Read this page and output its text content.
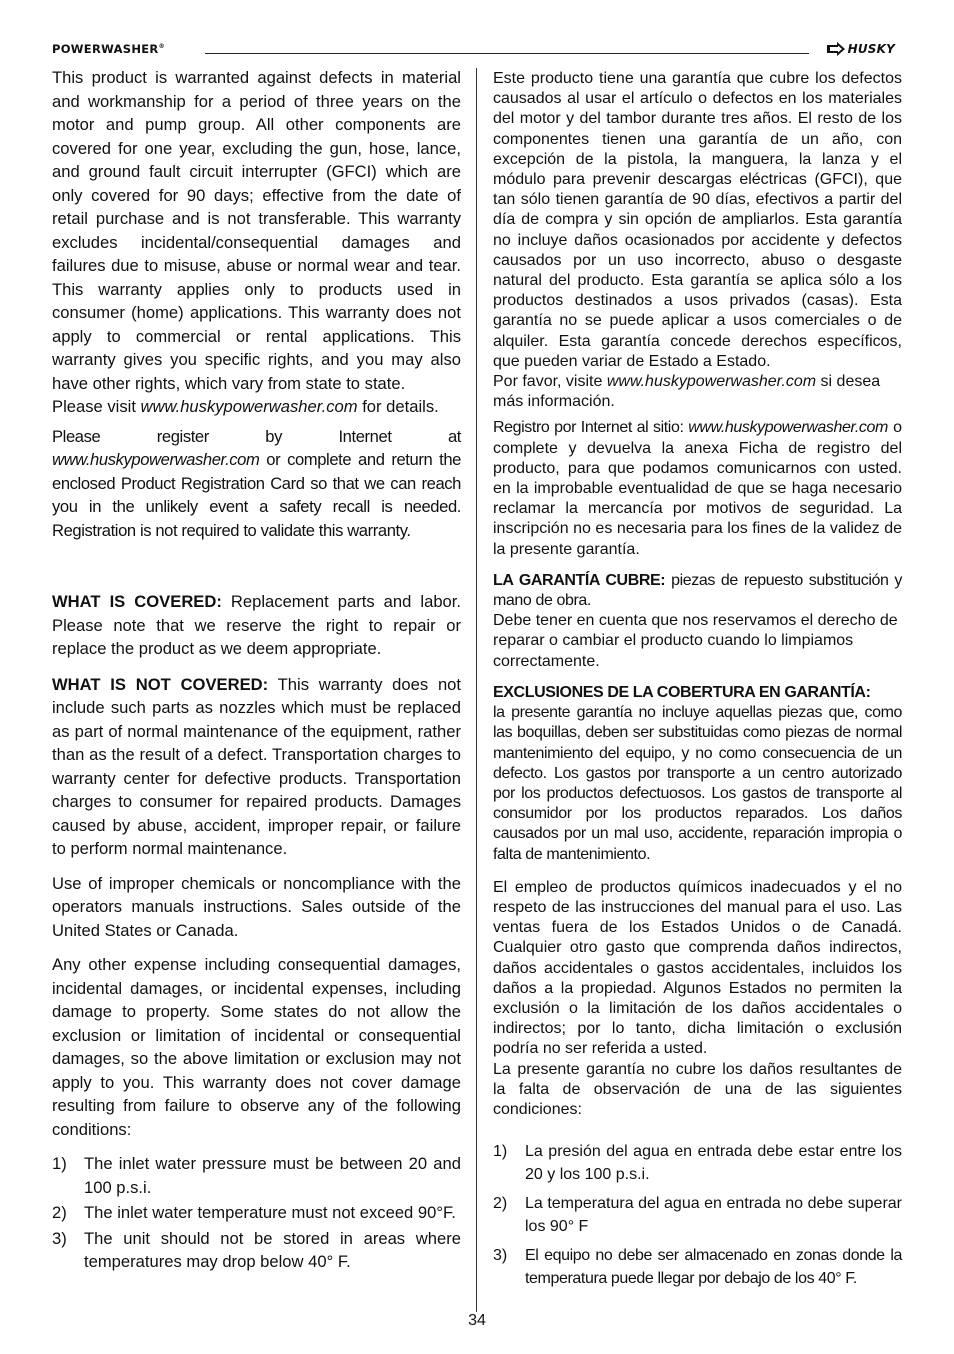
POWERWASHER®	HUSKY

This product is warranted against defects in material and workmanship for a period of three years on the motor and pump group. All other components are covered for one year, excluding the gun, hose, lance, and ground fault circuit interrupter (GFCI) which are only covered for 90 days; effective from the date of retail purchase and is not transferable. This warranty excludes incidental/consequential damages and failures due to misuse, abuse or normal wear and tear. This warranty applies only to products used in consumer (home) applications. This warranty does not apply to commercial or rental applications. This warranty gives you specific rights, and you may also have other rights, which vary from state to state.

Please visit www.huskypowerwasher.com for details.

Please register by Internet at www.huskypowerwasher.com or complete and return the enclosed Product Registration Card so that we can reach you in the unlikely event a safety recall is needed. Registration is not required to validate this warranty.

WHAT IS COVERED: Replacement parts and labor. Please note that we reserve the right to repair or replace the product as we deem appropriate.

WHAT IS NOT COVERED: This warranty does not include such parts as nozzles which must be replaced as part of normal maintenance of the equipment, rather than as the result of a defect. Transportation charges to warranty center for defective products. Transportation charges to consumer for repaired products. Damages caused by abuse, accident, improper repair, or failure to perform normal maintenance.

Use of improper chemicals or noncompliance with the operators manuals instructions. Sales outside of the United States or Canada.

Any other expense including consequential damages, incidental damages, or incidental expenses, including damage to property. Some states do not allow the exclusion or limitation of incidental or consequential damages, so the above limitation or exclusion may not apply to you. This warranty does not cover damage resulting from failure to observe any of the following conditions:

1)	The inlet water pressure must be between 20 and 100 p.s.i.
2)	The inlet water temperature must not exceed 90°F.
3)	The unit should not be stored in areas where temperatures may drop below 40° F.

Este producto tiene una garantía que cubre los defectos causados al usar el artículo o defectos en los materiales del motor y del tambor durante tres años. El resto de los componentes tienen una garantía de un año, con excepción de la pistola, la manguera, la lanza y el módulo para prevenir descargas eléctricas (GFCI), que tan sólo tienen garantía de 90 días, efectivos a partir del día de compra y sin opción de ampliarlos. Esta garantía no incluye daños ocasionados por accidente y defectos causados por un uso incorrecto, abuso o desgaste natural del producto. Esta garantía se aplica sólo a los productos destinados a usos privados (casas). Esta garantía no se puede aplicar a usos comerciales o de alquiler. Esta garantía concede derechos específicos, que pueden variar de Estado a Estado.

Por favor, visite www.huskypowerwasher.com si desea más información.

Registro por Internet al sitio: www.huskypowerwasher.com o complete y devuelva la anexa Ficha de registro del producto, para que podamos comunicarnos con usted. en la improbable eventualidad de que se haga necesario reclamar la mercancía por motivos de seguridad. La inscripción no es necesaria para los fines de la validez de la presente garantía.

LA GARANTÍA CUBRE: piezas de repuesto substitución y mano de obra.

Debe tener en cuenta que nos reservamos el derecho de reparar o cambiar el producto cuando lo limpiamos correctamente.

EXCLUSIONES DE LA COBERTURA EN GARANTÍA:
la presente garantía no incluye aquellas piezas que, como las boquillas, deben ser substituidas como piezas de normal mantenimiento del equipo, y no como consecuencia de un defecto. Los gastos por transporte a un centro autorizado por los productos defectuosos. Los gastos de transporte al consumidor por los productos reparados. Los daños causados por un mal uso, accidente, reparación impropia o falta de mantenimiento.

El empleo de productos químicos inadecuados y el no respeto de las instrucciones del manual para el uso. Las ventas fuera de los Estados Unidos o de Canadá. Cualquier otro gasto que comprenda daños indirectos, daños accidentales o gastos accidentales, incluidos los daños a la propiedad. Algunos Estados no permiten la exclusión o la limitación de los daños accidentales o indirectos; por lo tanto, dicha limitación o exclusión podría no ser referida a usted.

La presente garantía no cubre los daños resultantes de la falta de observación de una de las siguientes condiciones:

1)	La presión del agua en entrada debe estar entre los 20 y los 100 p.s.i.
2)	La temperatura del agua en entrada no debe superar los 90° F
3)	El equipo no debe ser almacenado en zonas donde la temperatura puede llegar por debajo de los 40° F.
34
